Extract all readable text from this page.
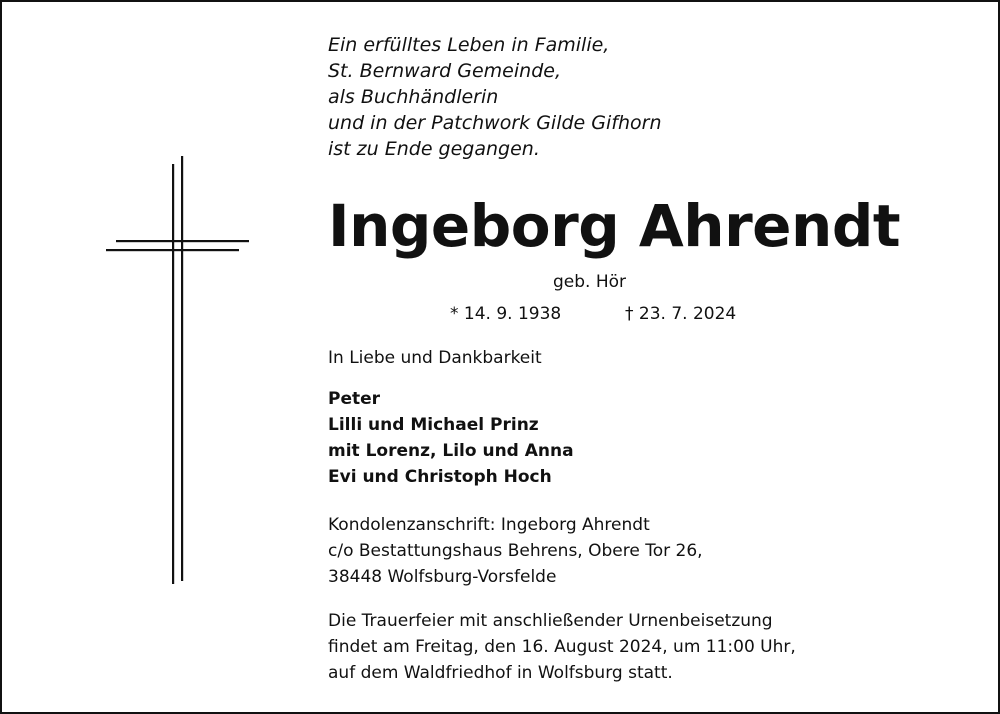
Ein erfülltes Leben in Familie,
St. Bernward Gemeinde,
als Buchhändlerin
und in der Patchwork Gilde Gifhorn
ist zu Ende gegangen.
Ingeborg Ahrendt
geb. Hör
* 14. 9. 1938	† 23. 7. 2024
In Liebe und Dankbarkeit
Peter
Lilli und Michael Prinz
mit Lorenz, Lilo und Anna
Evi und Christoph Hoch
Kondolenzanschrift: Ingeborg Ahrendt
c/o Bestattungshaus Behrens, Obere Tor 26,
38448 Wolfsburg-Vorsfelde
Die Trauerfeier mit anschließender Urnenbeisetzung
findet am Freitag, den 16. August 2024, um 11:00 Uhr,
auf dem Waldfriedhof in Wolfsburg statt.
